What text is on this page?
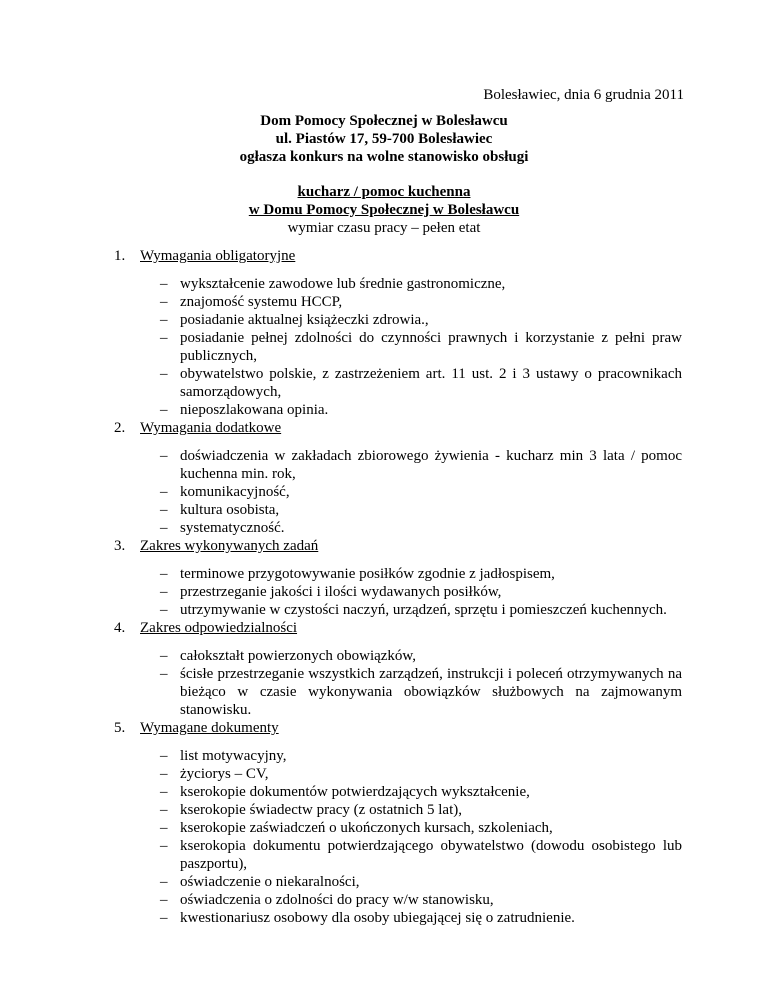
Bolesławiec, dnia 6 grudnia 2011
Dom Pomocy Społecznej w Bolesławcu
ul. Piastów 17, 59-700 Bolesławiec
ogłasza konkurs na wolne stanowisko obsługi
kucharz / pomoc kuchenna
w Domu Pomocy Społecznej w Bolesławcu
wymiar czasu pracy – pełen etat
1. Wymagania obligatoryjne
– wykształcenie zawodowe lub średnie gastronomiczne,
– znajomość systemu HCCP,
– posiadanie aktualnej książeczki zdrowia.,
– posiadanie pełnej zdolności do czynności prawnych i korzystanie z pełni praw publicznych,
– obywatelstwo polskie, z zastrzeżeniem art. 11 ust. 2 i 3 ustawy o pracownikach samorządowych,
– nieposzlakowana opinia.
2. Wymagania dodatkowe
– doświadczenia w zakładach zbiorowego żywienia - kucharz min 3 lata / pomoc kuchenna min. rok,
– komunikacyjność,
– kultura osobista,
– systematyczność.
3. Zakres wykonywanych zadań
– terminowe przygotowywanie posiłków zgodnie z jadłospisem,
– przestrzeganie jakości i ilości wydawanych posiłków,
– utrzymywanie w czystości naczyń, urządzeń, sprzętu i pomieszczeń kuchennych.
4. Zakres odpowiedzialności
– całokształt powierzonych obowiązków,
– ścisłe przestrzeganie wszystkich zarządzeń, instrukcji i poleceń otrzymywanych na bieżąco w czasie wykonywania obowiązków służbowych na zajmowanym stanowisku.
5. Wymagane dokumenty
– list motywacyjny,
– życiorys – CV,
– kserokopie dokumentów potwierdzających wykształcenie,
– kserokopie świadectw pracy (z ostatnich 5 lat),
– kserokopie zaświadczeń o ukończonych kursach, szkoleniach,
– kserokopia dokumentu potwierdzającego obywatelstwo (dowodu osobistego lub paszportu),
– oświadczenie o niekaralności,
– oświadczenia o zdolności do pracy w/w stanowisku,
– kwestionariusz osobowy dla osoby ubiegającej się o zatrudnienie.
